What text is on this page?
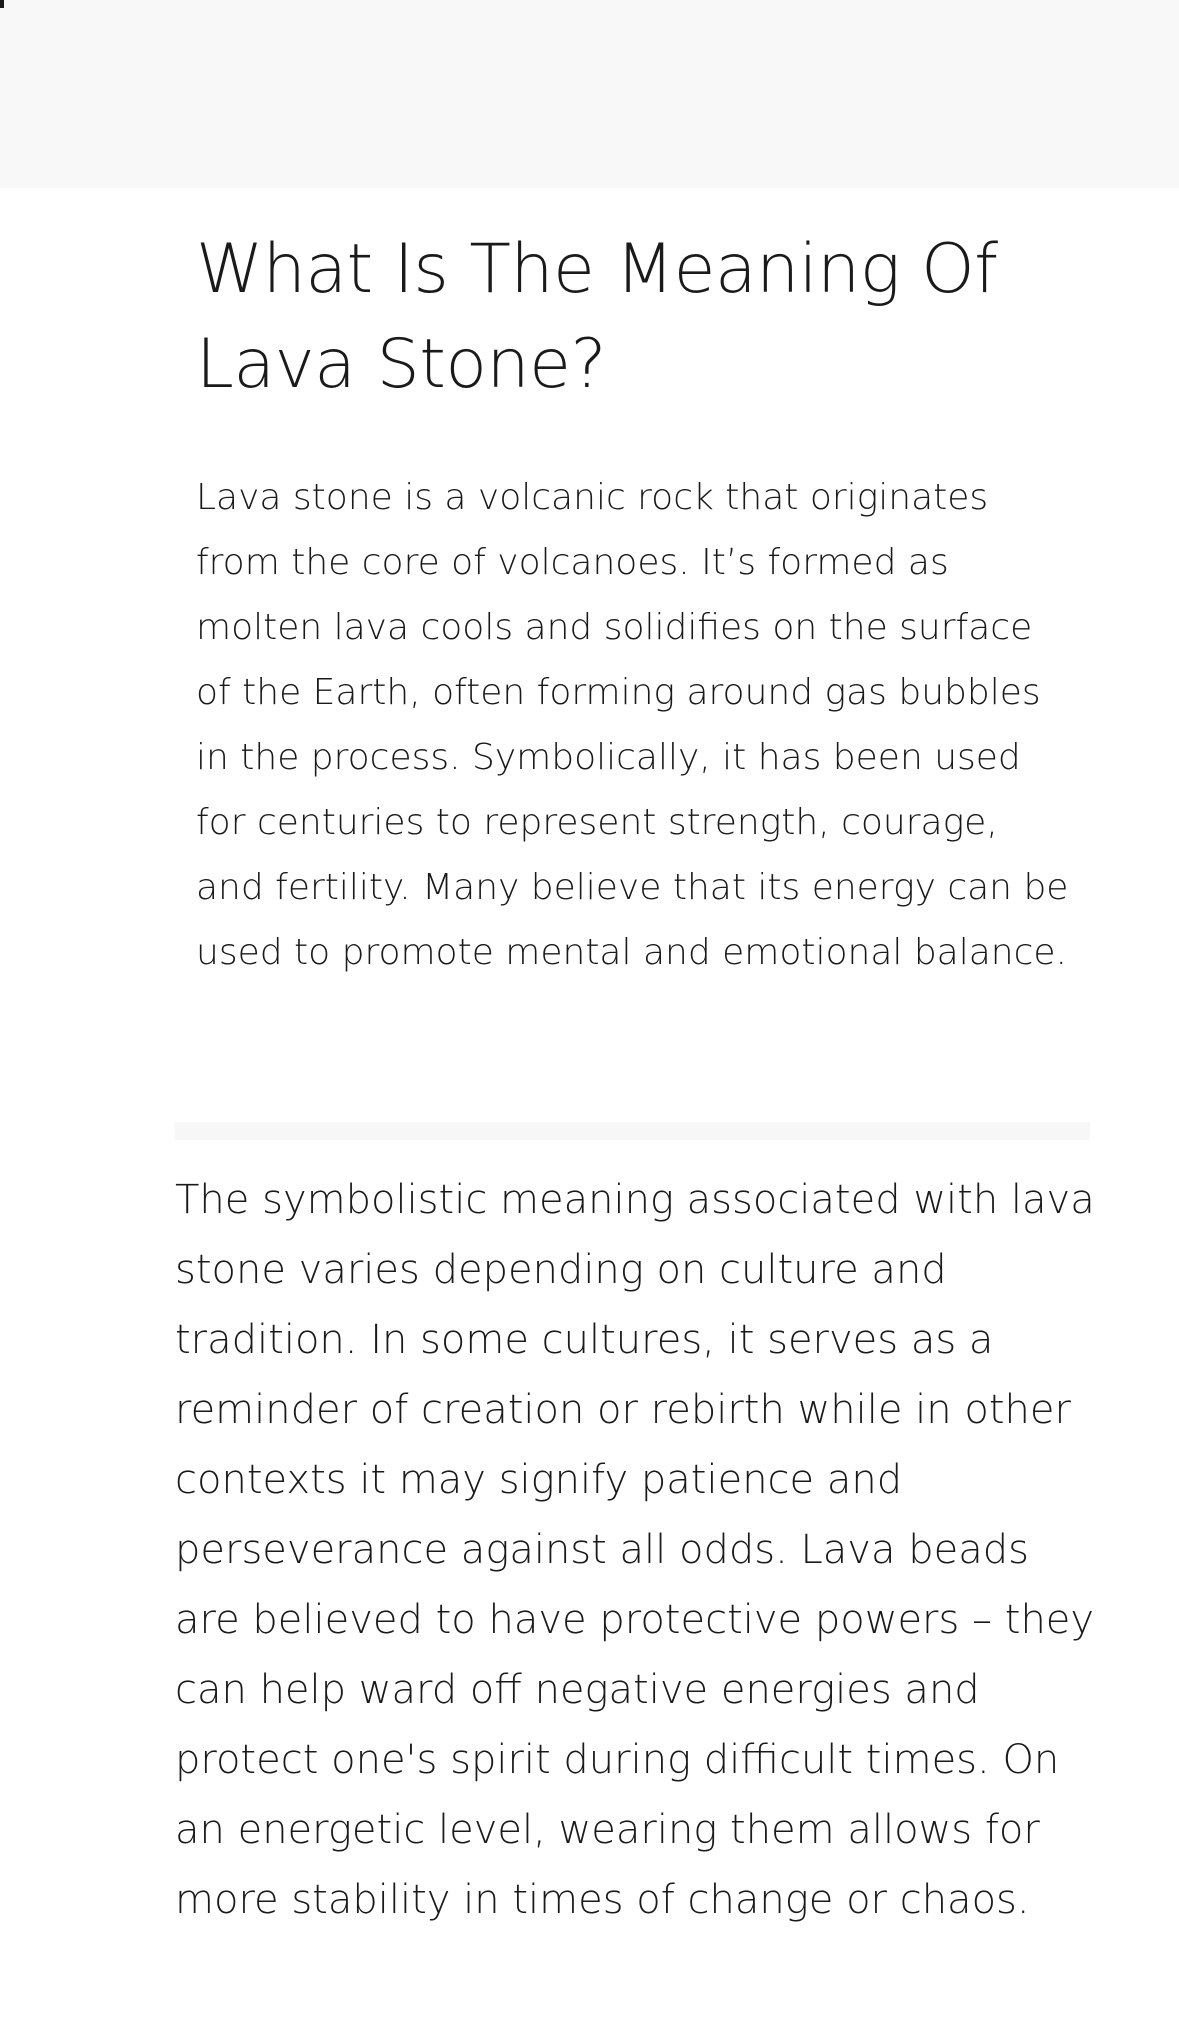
What Is The Meaning Of Lava Stone?

Lava stone is a volcanic rock that originates from the core of volcanoes. It’s formed as molten lava cools and solidifies on the surface of the Earth, often forming around gas bubbles in the process. Symbolically, it has been used for centuries to represent strength, courage, and fertility. Many believe that its energy can be used to promote mental and emotional balance.

The symbolistic meaning associated with lava stone varies depending on culture and tradition. In some cultures, it serves as a reminder of creation or rebirth while in other contexts it may signify patience and perseverance against all odds. Lava beads are believed to have protective powers – they can help ward off negative energies and protect one's spirit during difficult times. On an energetic level, wearing them allows for more stability in times of change or chaos.
